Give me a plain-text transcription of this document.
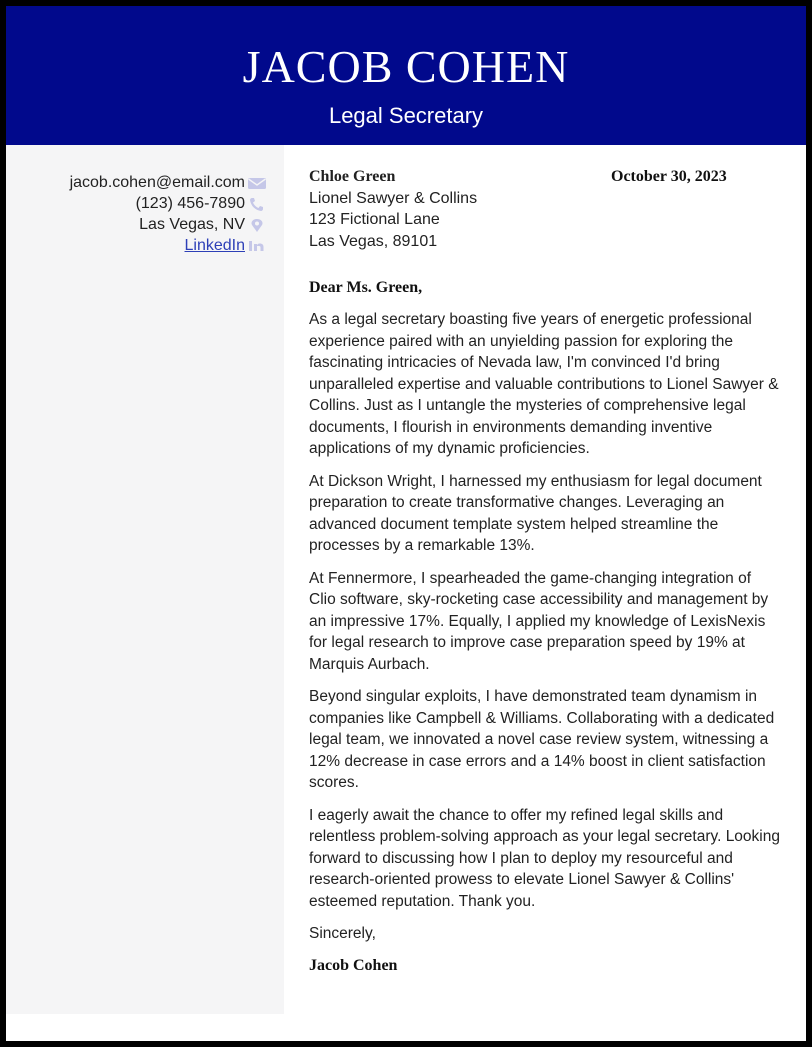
JACOB COHEN
Legal Secretary
jacob.cohen@email.com
(123) 456-7890
Las Vegas, NV
LinkedIn
Chloe Green
Lionel Sawyer & Collins
123 Fictional Lane
Las Vegas, 89101
October 30, 2023
Dear Ms. Green,

As a legal secretary boasting five years of energetic professional experience paired with an unyielding passion for exploring the fascinating intricacies of Nevada law, I'm convinced I'd bring unparalleled expertise and valuable contributions to Lionel Sawyer & Collins. Just as I untangle the mysteries of comprehensive legal documents, I flourish in environments demanding inventive applications of my dynamic proficiencies.

At Dickson Wright, I harnessed my enthusiasm for legal document preparation to create transformative changes. Leveraging an advanced document template system helped streamline the processes by a remarkable 13%.

At Fennermore, I spearheaded the game-changing integration of Clio software, sky-rocketing case accessibility and management by an impressive 17%. Equally, I applied my knowledge of LexisNexis for legal research to improve case preparation speed by 19% at Marquis Aurbach.

Beyond singular exploits, I have demonstrated team dynamism in companies like Campbell & Williams. Collaborating with a dedicated legal team, we innovated a novel case review system, witnessing a 12% decrease in case errors and a 14% boost in client satisfaction scores.

I eagerly await the chance to offer my refined legal skills and relentless problem-solving approach as your legal secretary. Looking forward to discussing how I plan to deploy my resourceful and research-oriented prowess to elevate Lionel Sawyer & Collins' esteemed reputation. Thank you.

Sincerely,
Jacob Cohen
